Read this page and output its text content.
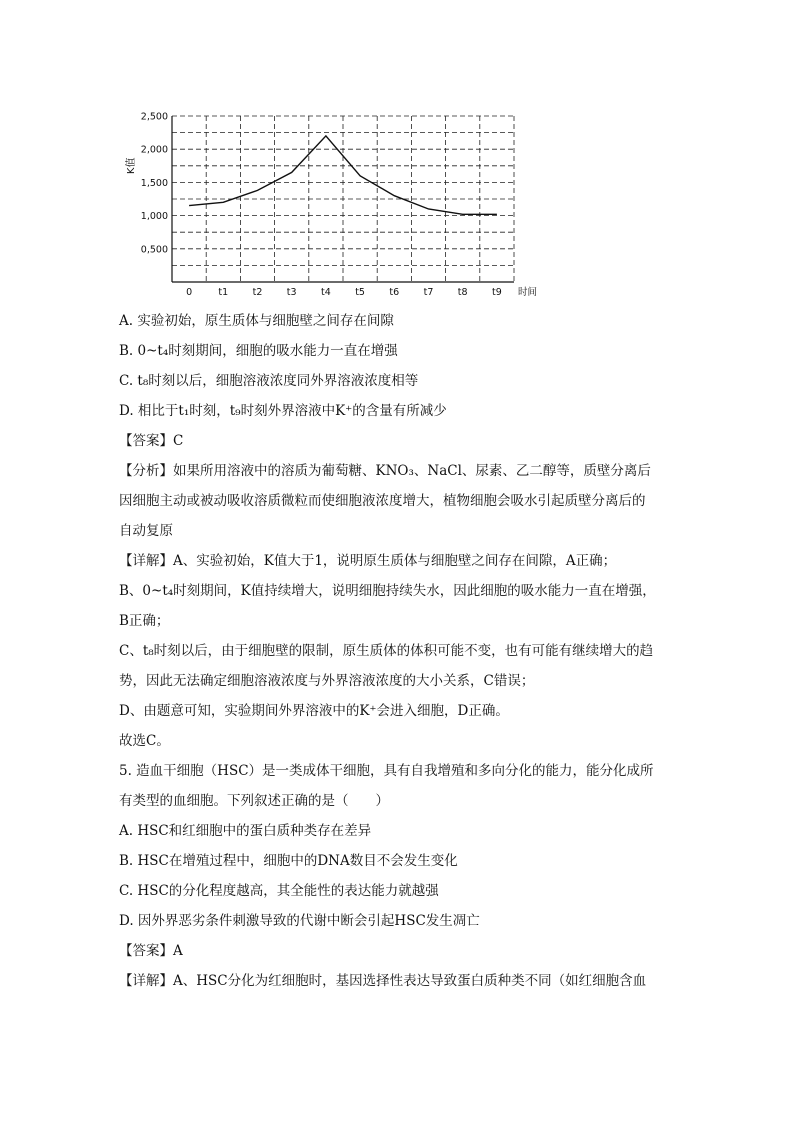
2,500
2,000
1,500
1,000
0,500
0	t1	t2	t3	t4	t5	t6	t7	t8	t9 时间
K值
A. 实验初始，原生质体与细胞壁之间存在间隙
B. 0~t₄时刻期间，细胞的吸水能力一直在增强
C. t₈时刻以后，细胞溶液浓度同外界溶液浓度相等
D. 相比于t₁时刻，t₉时刻外界溶液中K⁺的含量有所减少
【答案】C
【分析】如果所用溶液中的溶质为葡萄糖、KNO₃、NaCl、尿素、乙二醇等，质壁分离后
因细胞主动或被动吸收溶质微粒而使细胞液浓度增大，植物细胞会吸水引起质壁分离后的
自动复原
【详解】A、实验初始，K值大于1，说明原生质体与细胞壁之间存在间隙，A正确；
B、0~t₄时刻期间，K值持续增大，说明细胞持续失水，因此细胞的吸水能力一直在增强，
B正确；
C、t₈时刻以后，由于细胞壁的限制，原生质体的体积可能不变，也有可能有继续增大的趋
势，因此无法确定细胞溶液浓度与外界溶液浓度的大小关系，C错误；
D、由题意可知，实验期间外界溶液中的K⁺会进入细胞，D正确。
故选C。
5. 造血干细胞（HSC）是一类成体干细胞，具有自我增殖和多向分化的能力，能分化成所
有类型的血细胞。下列叙述正确的是（　　）
A. HSC和红细胞中的蛋白质种类存在差异
B. HSC在增殖过程中，细胞中的DNA数目不会发生变化
C. HSC的分化程度越高，其全能性的表达能力就越强
D. 因外界恶劣条件刺激导致的代谢中断会引起HSC发生凋亡
【答案】A
【详解】A、HSC分化为红细胞时，基因选择性表达导致蛋白质种类不同（如红细胞含血
